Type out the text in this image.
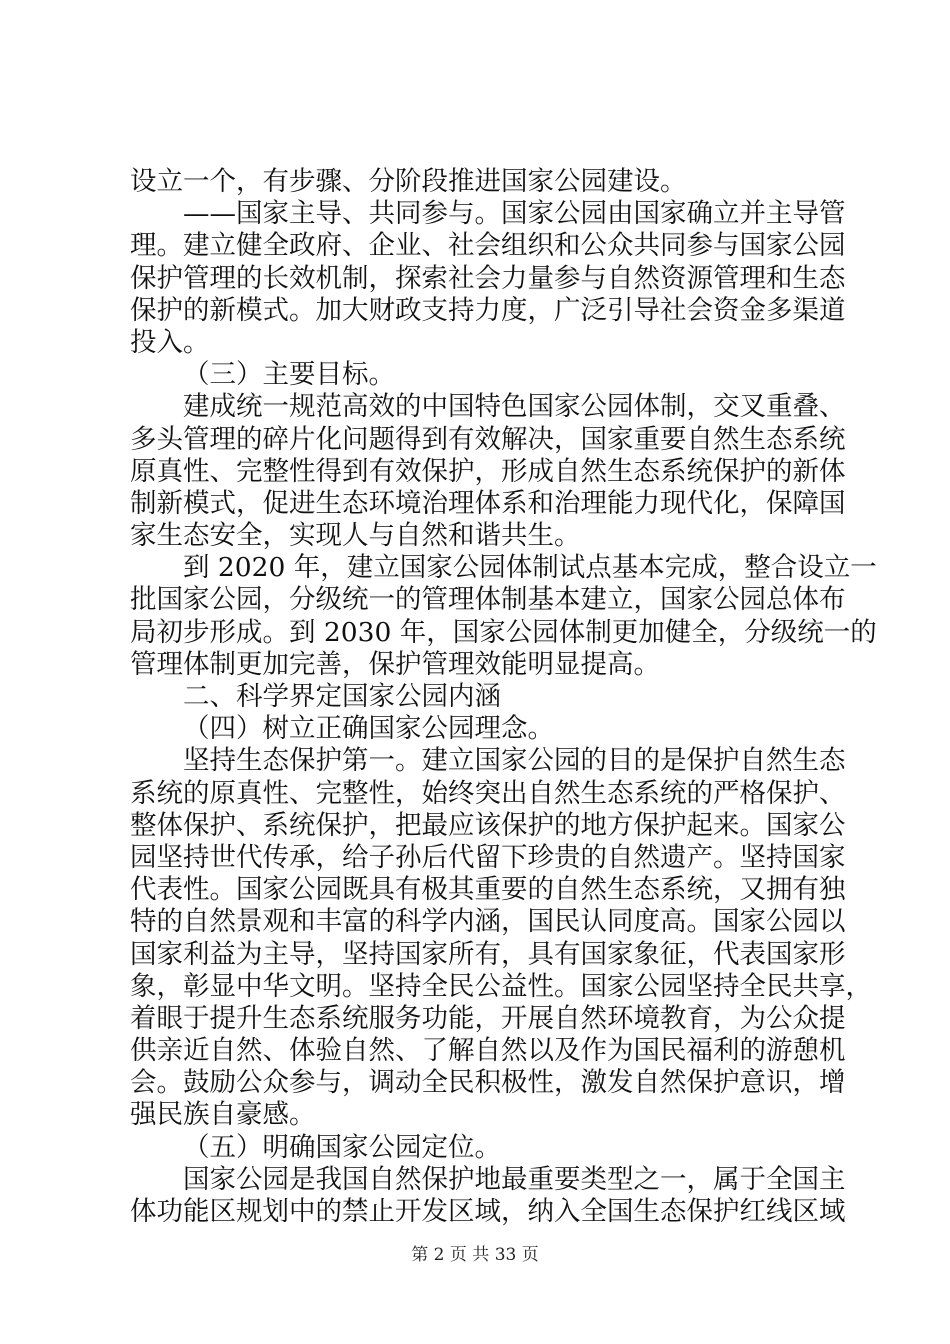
设立一个，有步骤、分阶段推进国家公园建设。
——国家主导、共同参与。国家公园由国家确立并主导管
理。建立健全政府、企业、社会组织和公众共同参与国家公园
保护管理的长效机制，探索社会力量参与自然资源管理和生态
保护的新模式。加大财政支持力度，广泛引导社会资金多渠道
投入。
（三）主要目标。
建成统一规范高效的中国特色国家公园体制，交叉重叠、
多头管理的碎片化问题得到有效解决，国家重要自然生态系统
原真性、完整性得到有效保护，形成自然生态系统保护的新体
制新模式，促进生态环境治理体系和治理能力现代化，保障国
家生态安全，实现人与自然和谐共生。
到 2020 年，建立国家公园体制试点基本完成，整合设立一
批国家公园，分级统一的管理体制基本建立，国家公园总体布
局初步形成。到 2030 年，国家公园体制更加健全，分级统一的
管理体制更加完善，保护管理效能明显提高。
二、科学界定国家公园内涵
（四）树立正确国家公园理念。
坚持生态保护第一。建立国家公园的目的是保护自然生态
系统的原真性、完整性，始终突出自然生态系统的严格保护、
整体保护、系统保护，把最应该保护的地方保护起来。国家公
园坚持世代传承，给子孙后代留下珍贵的自然遗产。坚持国家
代表性。国家公园既具有极其重要的自然生态系统，又拥有独
特的自然景观和丰富的科学内涵，国民认同度高。国家公园以
国家利益为主导，坚持国家所有，具有国家象征，代表国家形
象，彰显中华文明。坚持全民公益性。国家公园坚持全民共享，
着眼于提升生态系统服务功能，开展自然环境教育，为公众提
供亲近自然、体验自然、了解自然以及作为国民福利的游憩机
会。鼓励公众参与，调动全民积极性，激发自然保护意识，增
强民族自豪感。
（五）明确国家公园定位。
国家公园是我国自然保护地最重要类型之一，属于全国主
体功能区规划中的禁止开发区域，纳入全国生态保护红线区域
第 2 页 共 33 页
